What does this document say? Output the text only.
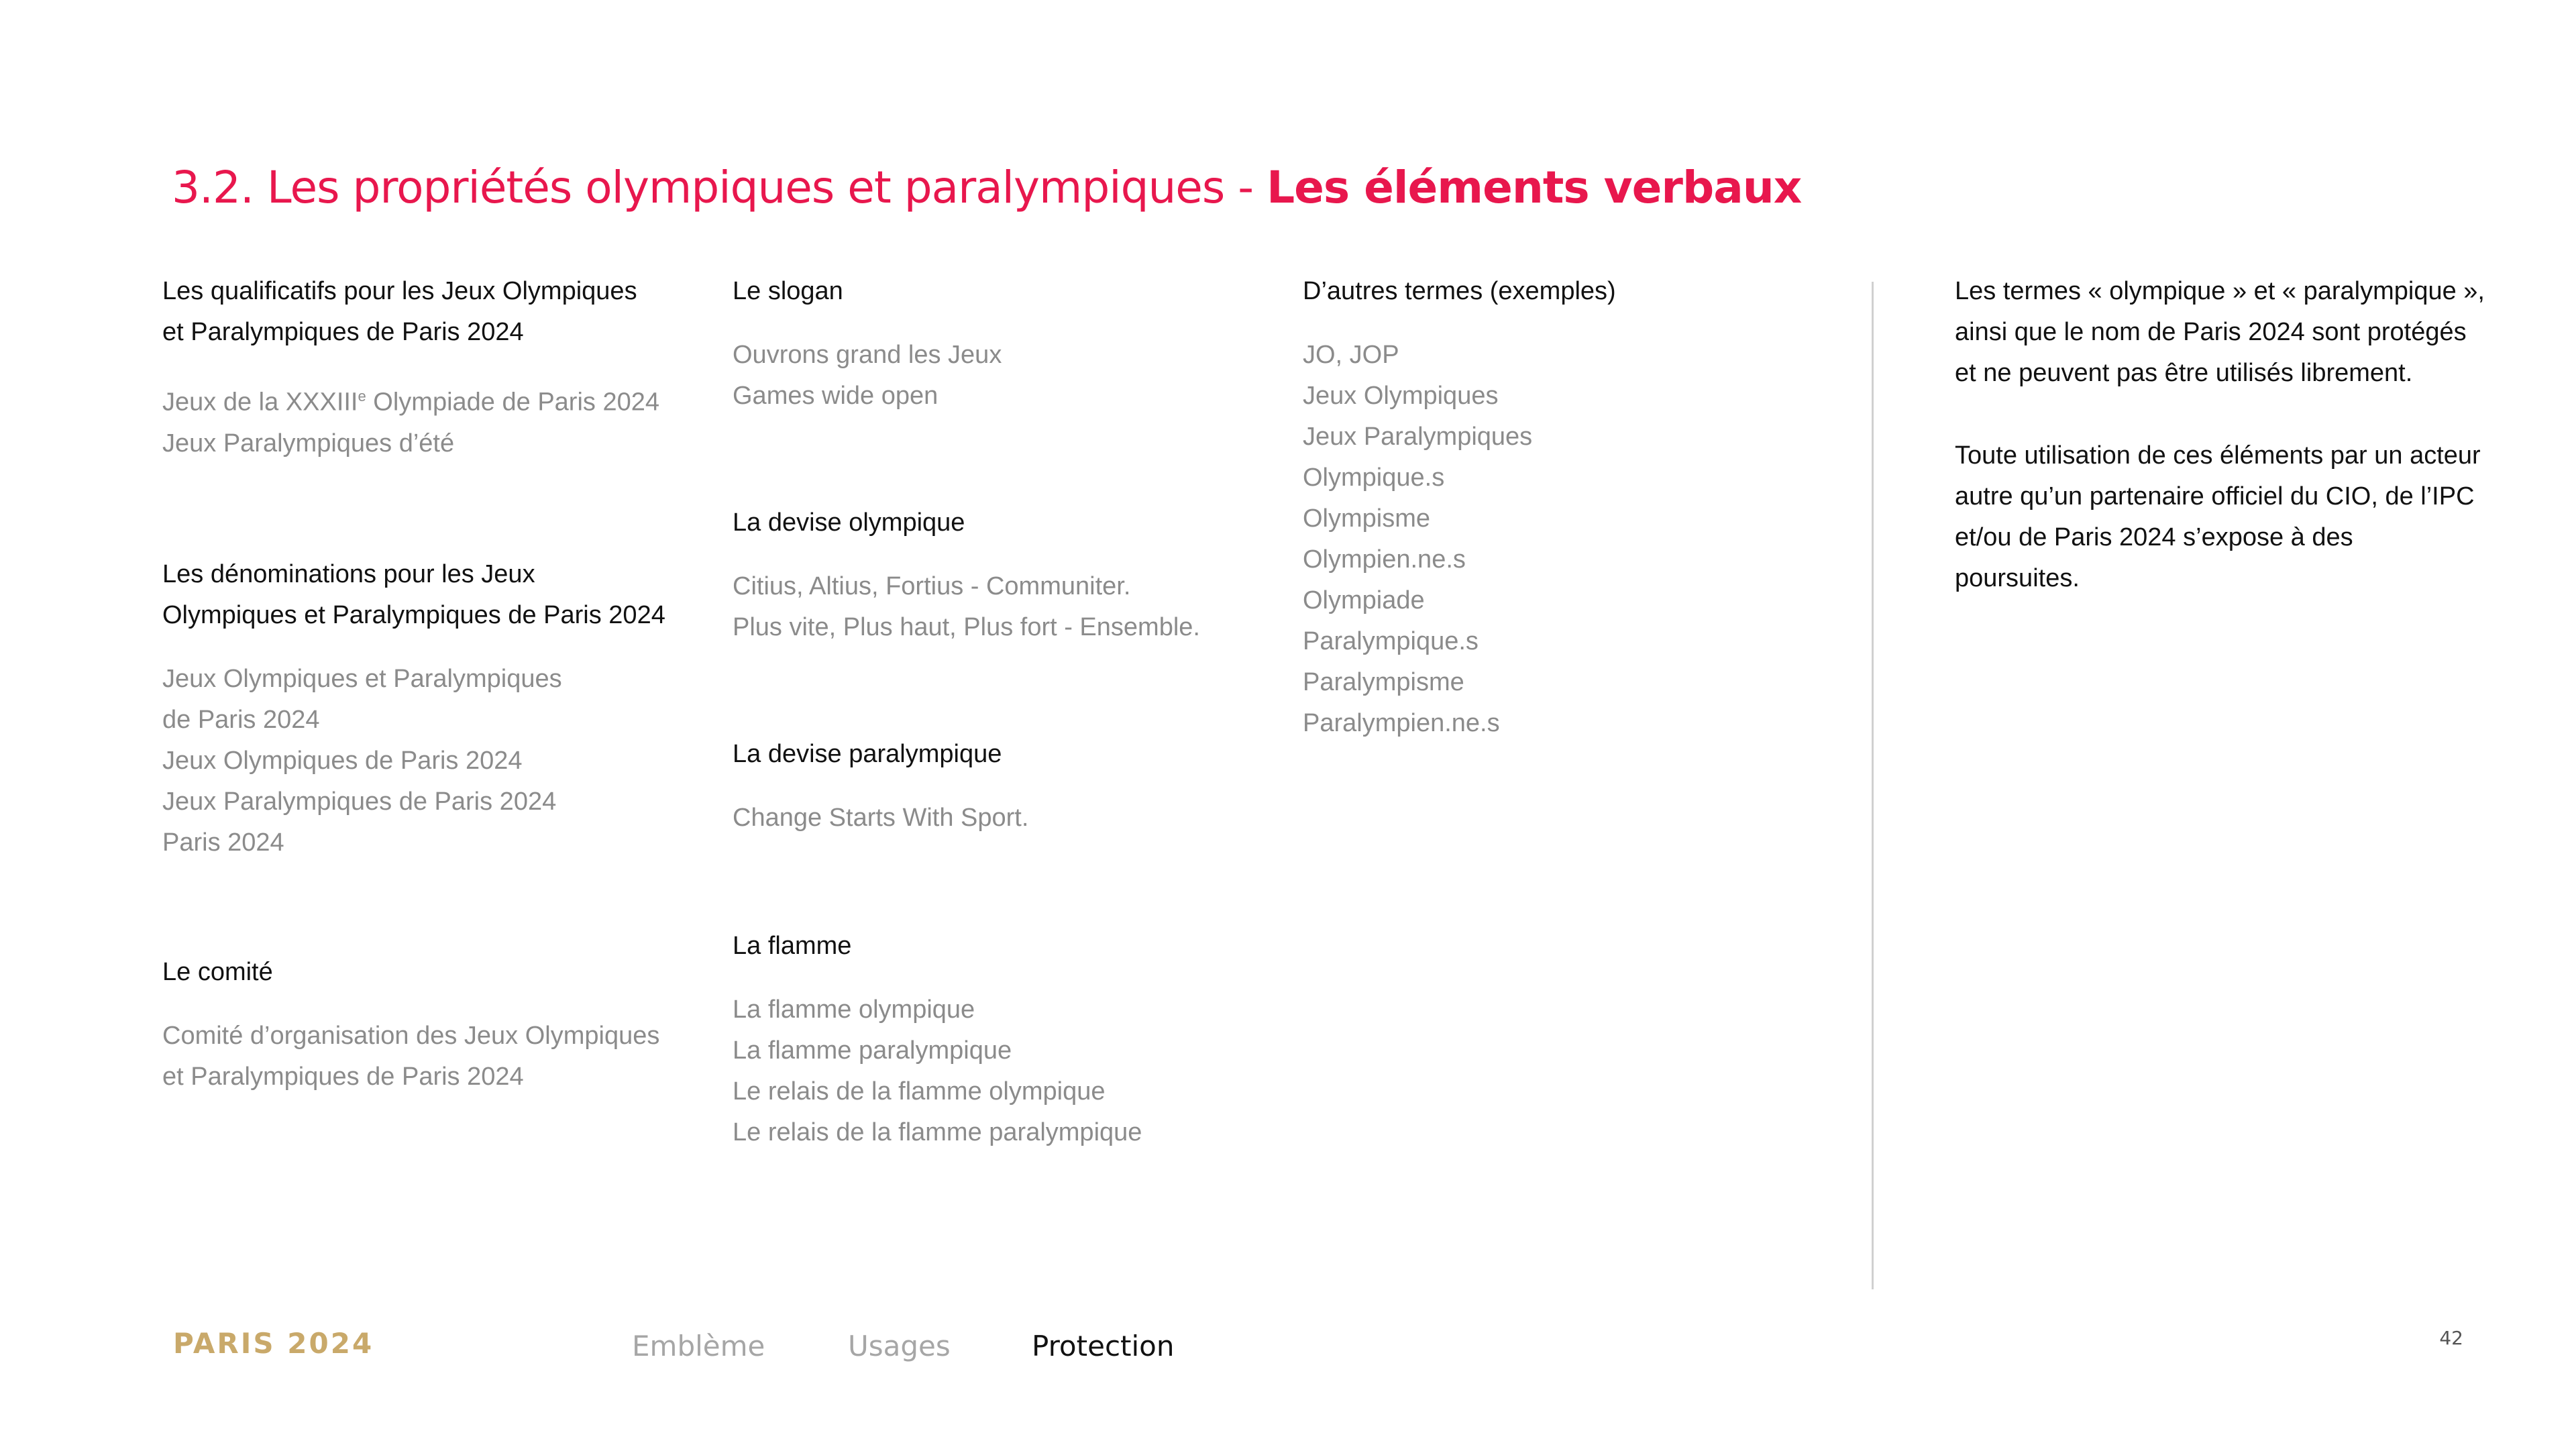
3.2. Les propriétés olympiques et paralympiques - Les éléments verbaux
Les qualificatifs pour les Jeux Olympiques et Paralympiques de Paris 2024
Jeux de la XXXIIIe Olympiade de Paris 2024
Jeux Paralympiques d’été
Les dénominations pour les Jeux Olympiques et Paralympiques de Paris 2024
Jeux Olympiques et Paralympiques
de Paris 2024
Jeux Olympiques de Paris 2024
Jeux Paralympiques de Paris 2024
Paris 2024
Le comité
Comité d’organisation des Jeux Olympiques et Paralympiques de Paris 2024
Le slogan
Ouvrons grand les Jeux
Games wide open
La devise olympique
Citius, Altius, Fortius - Communiter.
Plus vite, Plus haut, Plus fort - Ensemble.
La devise paralympique
Change Starts With Sport.
La flamme
La flamme olympique
La flamme paralympique
Le relais de la flamme olympique
Le relais de la flamme paralympique
D’autres termes (exemples)
JO, JOP
Jeux Olympiques
Jeux Paralympiques
Olympique.s
Olympisme
Olympien.ne.s
Olympiade
Paralympique.s
Paralympisme
Paralympien.ne.s
Les termes « olympique » et « paralympique », ainsi que le nom de Paris 2024 sont protégés et ne peuvent pas être utilisés librement.
Toute utilisation de ces éléments par un acteur autre qu’un partenaire officiel du CIO, de l’IPC et/ou de Paris 2024 s’expose à des poursuites.
PARIS 2024	Emblème	Usages	Protection	42
